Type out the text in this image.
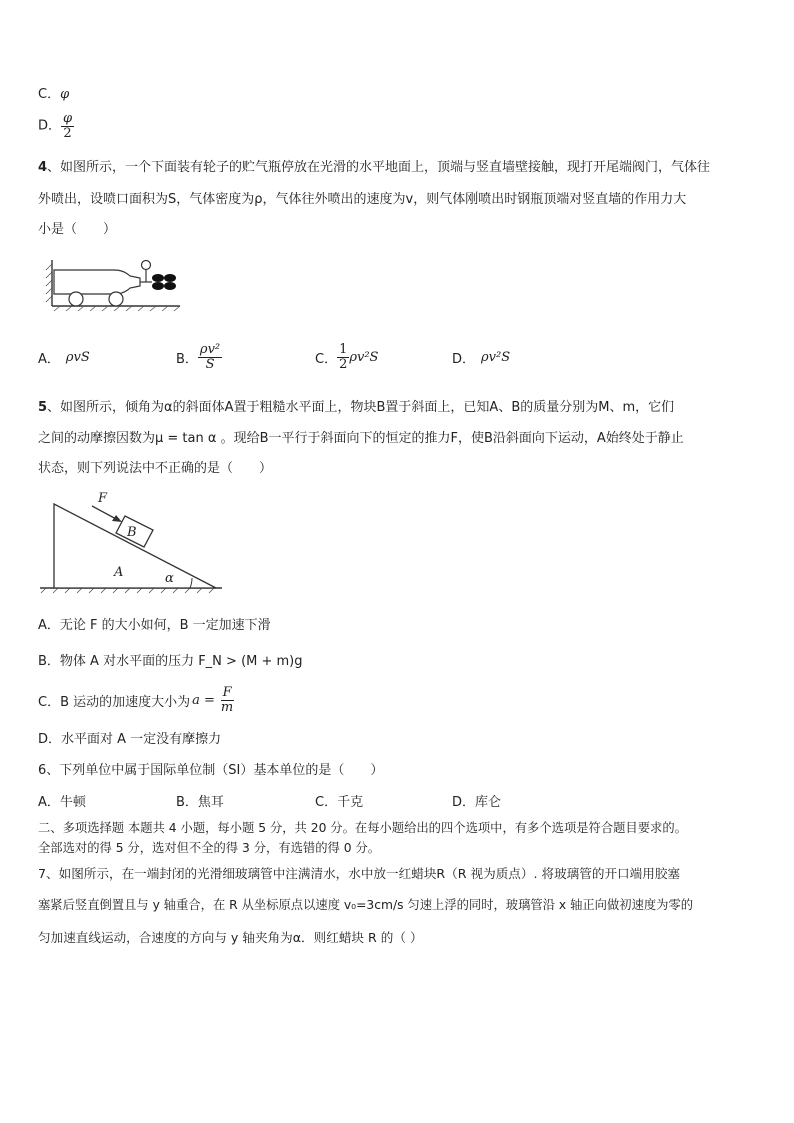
C．φ
D． $\frac{\varphi}{2}$
4、如图所示，一个下面装有轮子的贮气瓶停放在光滑的水平地面上，顶端与竖直墙壁接触，现打开尾端阀门，气体往
外喷出，设喷口面积为S，气体密度为ρ，气体往外喷出的速度为v，则气体刚喷出时钢瓶顶端对竖直墙的作用力大
小是（　　）
A． ρvS	B． $\frac{\text{ρv²}}{S}$	C． $\frac{1}{2} \rho v^2S$	D． ρv²S
5、如图所示，倾角为α的斜面体A置于粗糙水平面上，物块B置于斜面上，已知A、B的质量分别为M、m，它们
之间的动摩擦因数为μ = tan α 。现给B一平行于斜面向下的恒定的推力F，使B沿斜面向下运动，A始终处于静止
状态，则下列说法中不正确的是（　　）
F
B
A	α
A．无论 F 的大小如何，B 一定加速下滑
B．物体 A 对水平面的压力 F_N > (M + m)g
C．B 运动的加速度大小为 $a = \frac{F}{m}$
D．水平面对 A 一定没有摩擦力
6、下列单位中属于国际单位制（SI）基本单位的是（　　）
A．牛顿	B．焦耳	C．千克	D．库仑
二、多项选择题 本题共 4 小题，每小题 5 分，共 20 分。在每小题给出的四个选项中，有多个选项是符合题目要求的。
全部选对的得 5 分，选对但不全的得 3 分，有选错的得 0 分。
7、如图所示，在一端封闭的光滑细玻璃管中注满清水，水中放一红蜡块R（R 视为质点）. 将玻璃管的开口端用胶塞
塞紧后竖直倒置且与 y 轴重合，在 R 从坐标原点以速度 v₀=3cm/s 匀速上浮的同时，玻璃管沿 x 轴正向做初速度为零的
匀加速直线运动，合速度的方向与 y 轴夹角为α．则红蜡块 R 的（ ）
